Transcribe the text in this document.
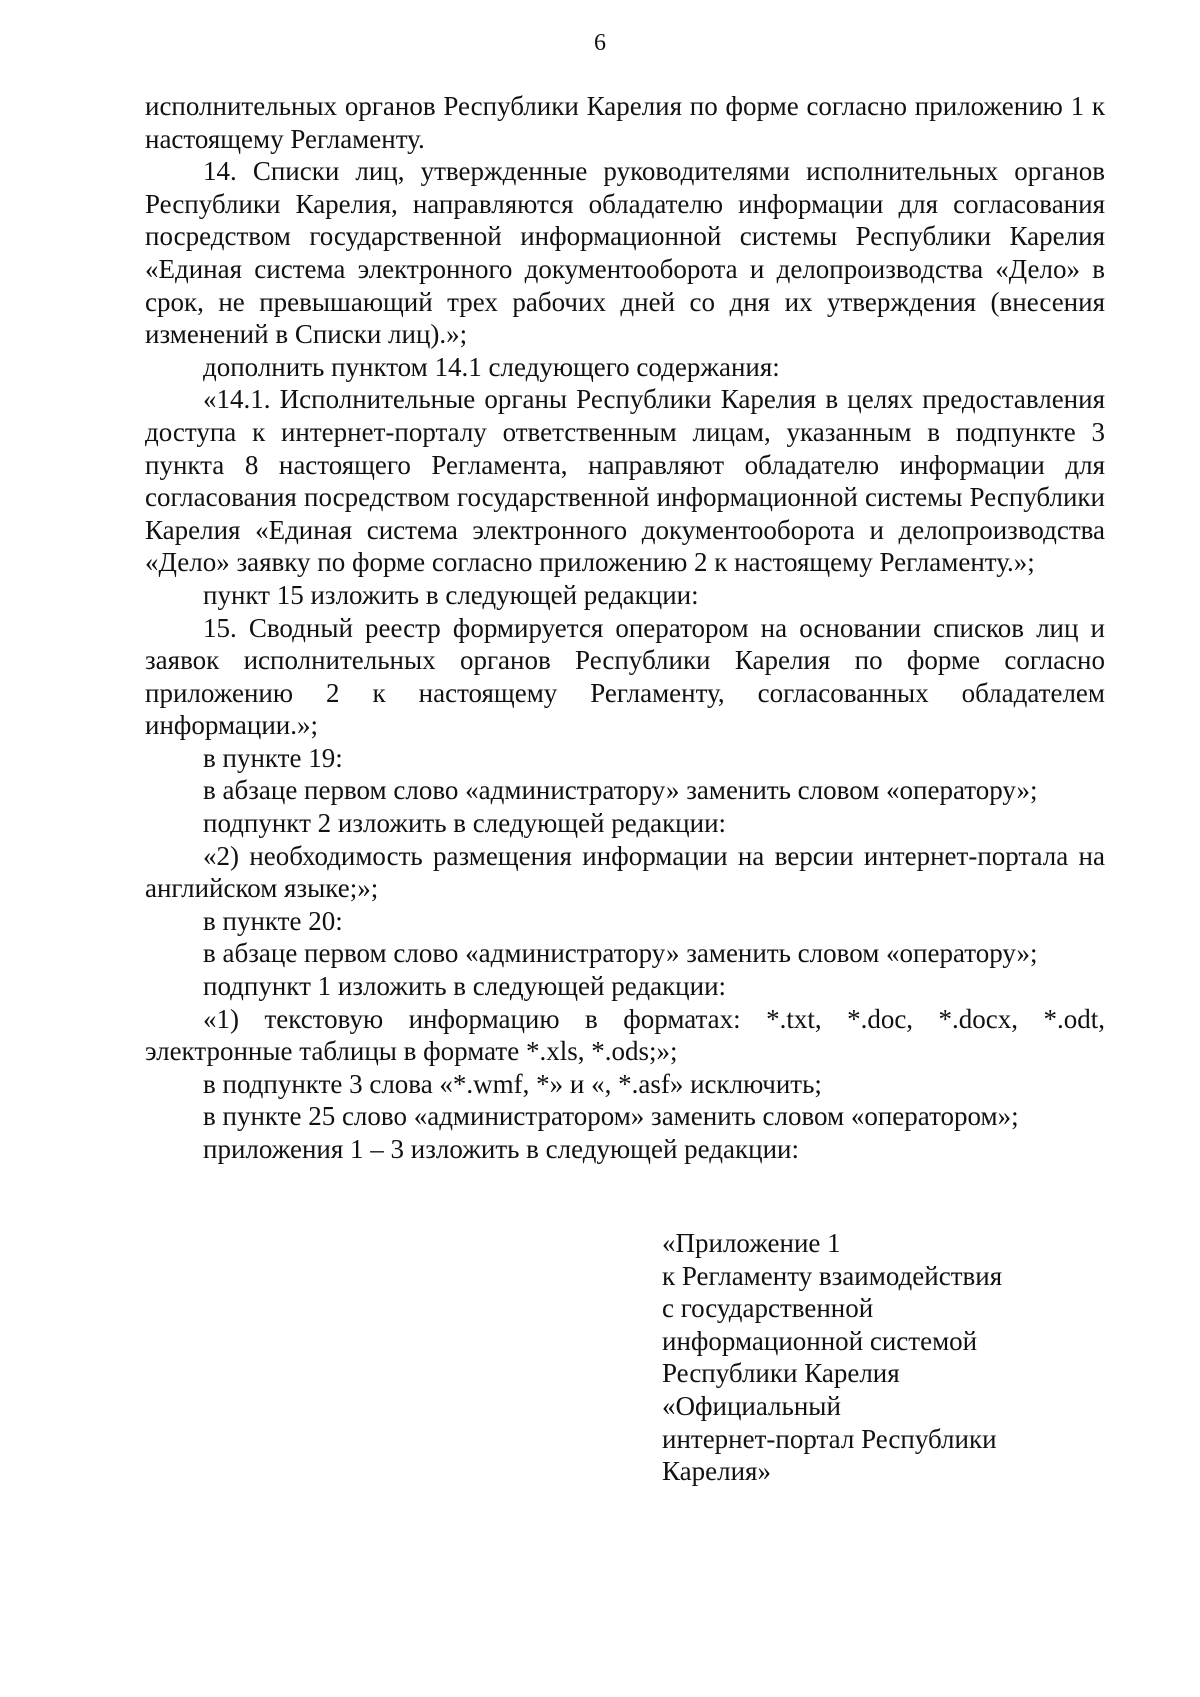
6

исполнительных органов Республики Карелия по форме согласно приложению 1 к настоящему Регламенту.

14. Списки лиц, утвержденные руководителями исполнительных органов Республики Карелия, направляются обладателю информации для согласования посредством государственной информационной системы Республики Карелия «Единая система электронного документооборота и делопроизводства «Дело» в срок, не превышающий трех рабочих дней со дня их утверждения (внесения изменений в Списки лиц).»;

дополнить пунктом 14.1 следующего содержания:

«14.1. Исполнительные органы Республики Карелия в целях предоставления доступа к интернет-порталу ответственным лицам, указанным в подпункте 3 пункта 8 настоящего Регламента, направляют обладателю информации для согласования посредством государственной информационной системы Республики Карелия «Единая система электронного документооборота и делопроизводства «Дело» заявку по форме согласно приложению 2 к настоящему Регламенту.»;

пункт 15 изложить в следующей редакции:

15. Сводный реестр формируется оператором на основании списков лиц и заявок исполнительных органов Республики Карелия по форме согласно приложению 2 к настоящему Регламенту, согласованных обладателем информации.»;

в пункте 19:

в абзаце первом слово «администратору» заменить словом «оператору»;

подпункт 2 изложить в следующей редакции:

«2) необходимость размещения информации на версии интернет-портала на английском языке;»;

в пункте 20:

в абзаце первом слово «администратору» заменить словом «оператору»;

подпункт 1 изложить в следующей редакции:

«1) текстовую информацию в форматах: *.txt, *.doc, *.docx, *.odt, электронные таблицы в формате *.xls, *.ods;»;

в подпункте 3 слова «*.wmf, *» и «, *.asf» исключить;

в пункте 25 слово «администратором» заменить словом «оператором»;

приложения 1 – 3 изложить в следующей редакции:

«Приложение 1
к Регламенту взаимодействия
с государственной
информационной системой
Республики Карелия
«Официальный
интернет-портал Республики
Карелия»
